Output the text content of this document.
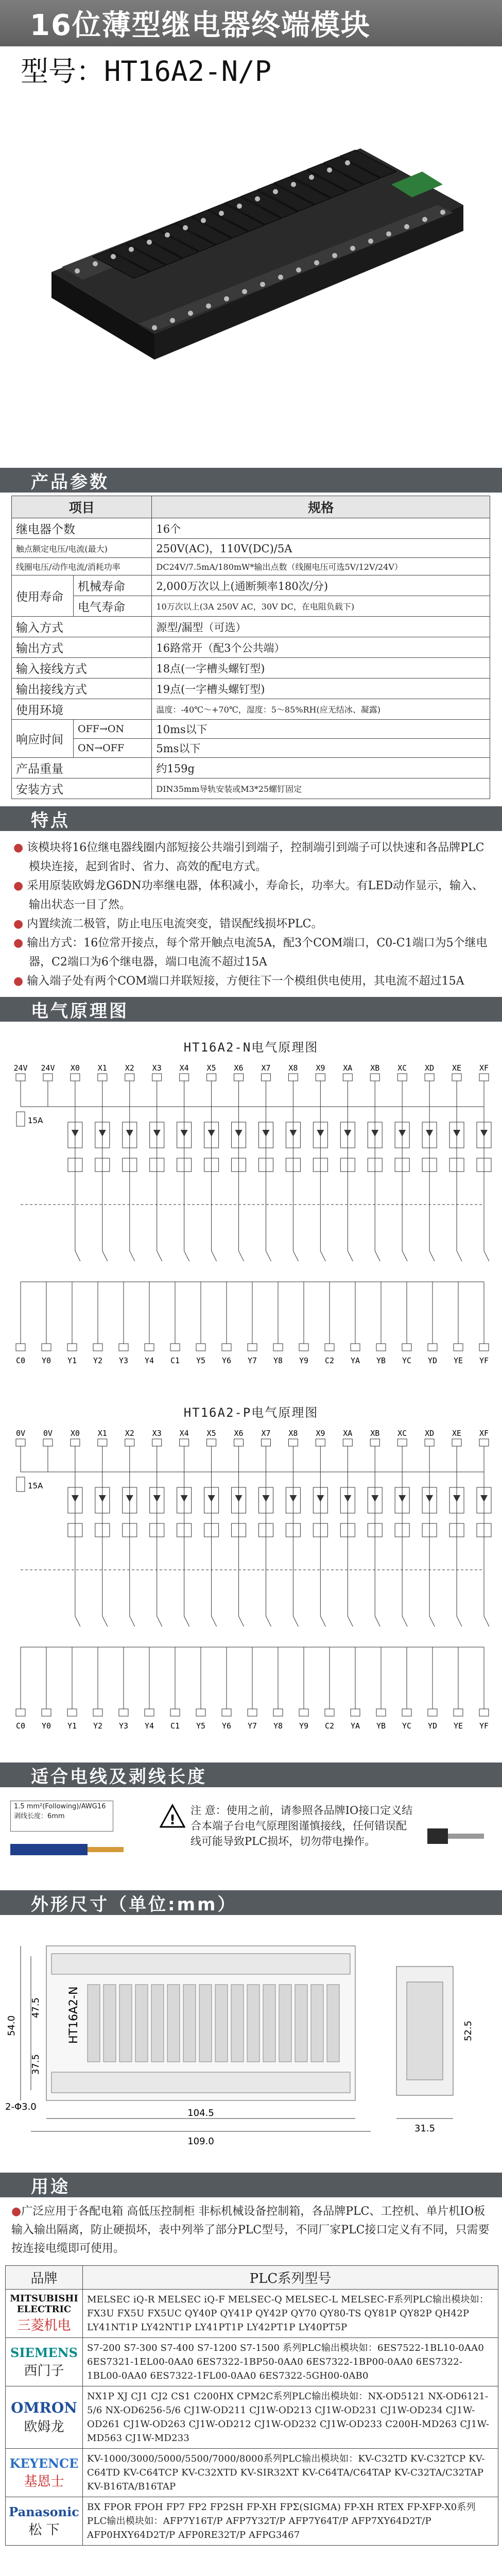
16位薄型继电器终端模块
型号：HT16A2-N/P
产品参数
项目		规格
继电器个数		16个
触点额定电压/电流(最大)		250V(AC)，110V(DC)/5A
线圈电压/动作电流/消耗功率		DC24V/7.5mA/180mW*输出点数（线圈电压可选5V/12V/24V）
使用寿命	机械寿命	2,000万次以上(通断频率180次/分)
	电气寿命	10万次以上(3A 250V AC，30V DC，在电阻负载下)
输入方式		源型/漏型（可选）
输出方式		16路常开（配3个公共端）
输入接线方式		18点(一字槽头螺钉型)
输出接线方式		19点(一字槽头螺钉型)
使用环境		温度：-40℃～+70℃，湿度：5～85%RH(应无结冰、凝露)
响应时间	OFF→ON	10ms以下
	ON→OFF	5ms以下
产品重量		约159g
安装方式		DIN35mm导轨安装或M3*25螺钉固定
特点

● 该模块将16位继电器线圈内部短接公共端引到端子，控制端引到端子可以快速和各品牌PLC模块连接，起到省时、省力、高效的配电方式。

● 采用原装欧姆龙G6DN功率继电器，体积减小，寿命长，功率大。有LED动作显示，输入、输出状态一目了然。

● 内置续流二极管，防止电压电流突变，错误配线损坏PLC。

● 输出方式：16位常开接点，每个常开触点电流5A，配3个COM端口，C0-C1端口为5个继电器，C2端口为6个继电器，端口电流不超过15A

● 输入端子处有两个COM端口并联短接，方便往下一个模组供电使用，其电流不超过15A

电气原理图
HT16A2-N电气原理图
24V 24V X0 X1 X2 X3 X4 X5 X6 X7 X8 X9 XA XB XC XD XE XF
15A
C0 Y0 Y1 Y2 Y3 Y4 C1 Y5 Y6 Y7 Y8 Y9 C2 YA YB YC YD YE YF
HT16A2-P电气原理图
0V 0V X0 X1 X2 X3 X4 X5 X6 X7 X8 X9 XA XB XC XD XE XF
15A
C0 Y0 Y1 Y2 Y3 Y4 C1 Y5 Y6 Y7 Y8 Y9 C2 YA YB YC YD YE YF
适合电线及剥线长度
1.5 mm²(Following)/AWG16
剥线长度：6mm	!
注 意：使用之前，请参照各品牌IO接口定义结合本端子台电气原理图谨慎接线，任何错误配线可能导致PLC损坏，切勿带电操作。
外形尺寸（单位:mm）
HT16A2-N
104.5
109.0
54.0
47.5
37.5
2-Φ3.0
31.5
52.5
用途
●广泛应用于各配电箱 高低压控制柜 非标机械设备控制箱，各品牌PLC、工控机、单片机IO板输入输出隔离，防止硬损坏，表中列举了部分PLC型号，不同厂家PLC接口定义有不同，只需要按连接电缆即可使用。
品牌	PLC系列型号

MITSUBISHI ELECTRIC
三菱机电	MELSEC iQ-R MELSEC iQ-F MELSEC-Q MELSEC-L MELSEC-F系列PLC输出模块如：FX3U FX5U FX5UC QY40P QY41P QY42P QY70 QY80-TS QY81P QY82P QH42P LY41NT1P LY42NT1P LY41PT1P LY42PT1P LY40PT5P

SIEMENS
西门子	S7-200 S7-300 S7-400 S7-1200 S7-1500 系列PLC输出模块如：6ES7522-1BL10-0AA0 6ES7321-1EL00-0AA0 6ES7322-1BP50-0AA0 6ES7322-1BP00-0AA0 6ES7322-1BL00-0AA0 6ES7322-1FL00-0AA0 6ES7322-5GH00-0AB0

OMRON
欧姆龙	NX1P XJ CJ1 CJ2 CS1 C200HX CPM2C系列PLC输出模块如：NX-OD5121 NX-OD6121-5/6 NX-OD6256-5/6 CJ1W-OD211 CJ1W-OD213 CJ1W-OD231 CJ1W-OD234 CJ1W-OD261 CJ1W-OD263 CJ1W-OD212 CJ1W-OD232 CJ1W-OD233 C200H-MD263 CJ1W-MD563 CJ1W-MD233

KEYENCE
基恩士	KV-1000/3000/5000/5500/7000/8000系列PLC输出模块如：KV-C32TD KV-C32TCP KV-C64TD KV-C64TCP KV-C32XTD KV-SIR32XT KV-C64TA/C64TAP KV-C32TA/C32TAP KV-B16TA/B16TAP

Panasonic
松 下	BX FPOR FPOH FP7 FP2 FP2SH FP-XH FPΣ(SIGMA) FP-XH RTEX FP-XFP-X0系列PLC输出模块如：AFP7Y16T/P AFP7Y32T/P AFP7Y64T/P AFP7XY64D2T/P AFP0HXY64D2T/P AFP0RE32T/P AFPG3467
